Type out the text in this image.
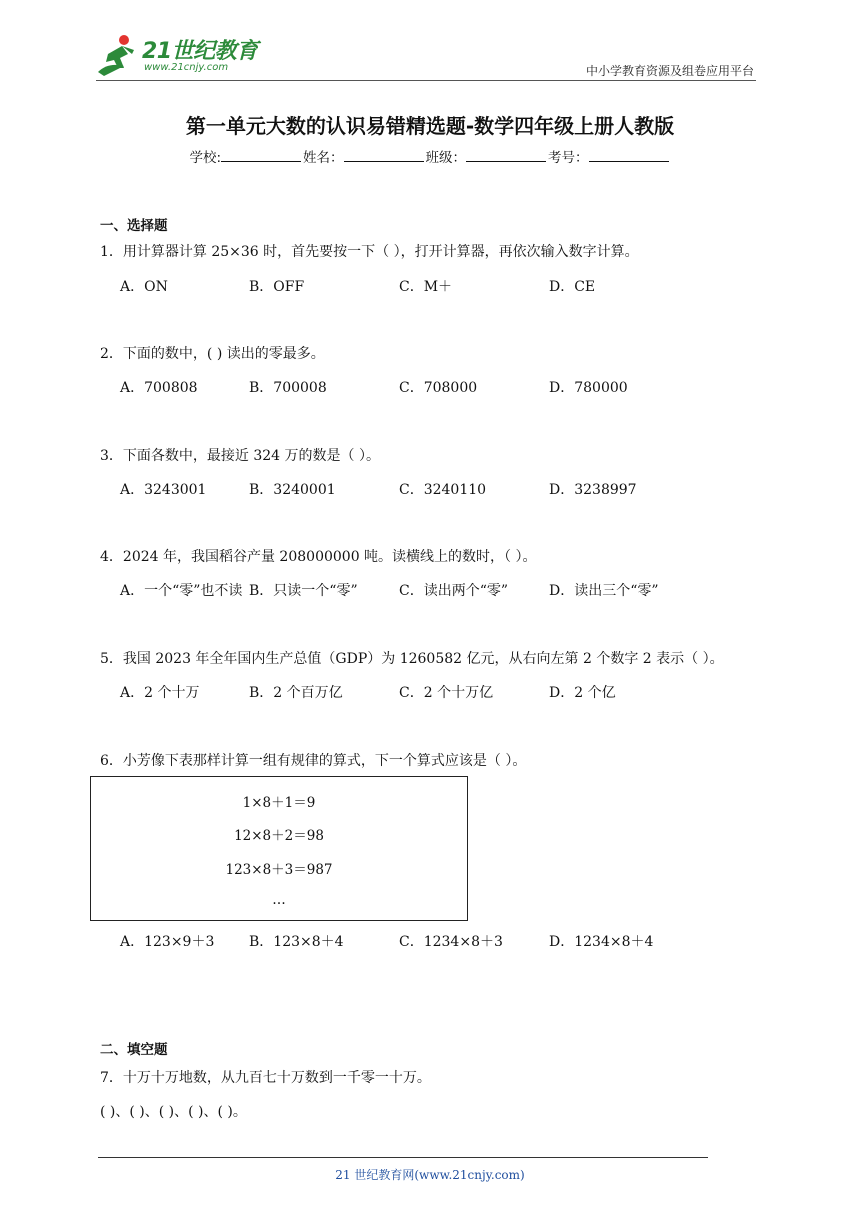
21世纪教育
www.21cnjy.com	中小学教育资源及组卷应用平台
第一单元大数的认识易错精选题-数学四年级上册人教版
学校:	姓名：	班级：	考号：
一、选择题
1．用计算器计算 25×36 时，首先要按一下（ ），打开计算器，再依次输入数字计算。
A．ON	B．OFF	C．M＋	D．CE
2．下面的数中，( ) 读出的零最多。
A．700808	B．700008	C．708000	D．780000
3．下面各数中，最接近 324 万的数是（ ）。
A．3243001	B．3240001	C．3240110	D．3238997
4．2024 年，我国稻谷产量 208000000 吨。读横线上的数时，（ ）。
A．一个“零”也不读 B．只读一个“零”	C．读出两个“零”	D．读出三个“零”
5．我国 2023 年全年国内生产总值（GDP）为 1260582 亿元，从右向左第 2 个数字 2 表示（ ）。
A．2 个十万	B．2 个百万亿	C．2 个十万亿	D．2 个亿
6．小芳像下表那样计算一组有规律的算式，下一个算式应该是（ ）。
1×8＋1＝9
12×8＋2＝98
123×8＋3＝987
…
A．123×9＋3 B．123×8＋4	C．1234×8＋3	D．1234×8＋4
二、填空题
7．十万十万地数，从九百七十万数到一千零一十万。
( )、( )、( )、( )、( )。
21 世纪教育网(www.21cnjy.com)
